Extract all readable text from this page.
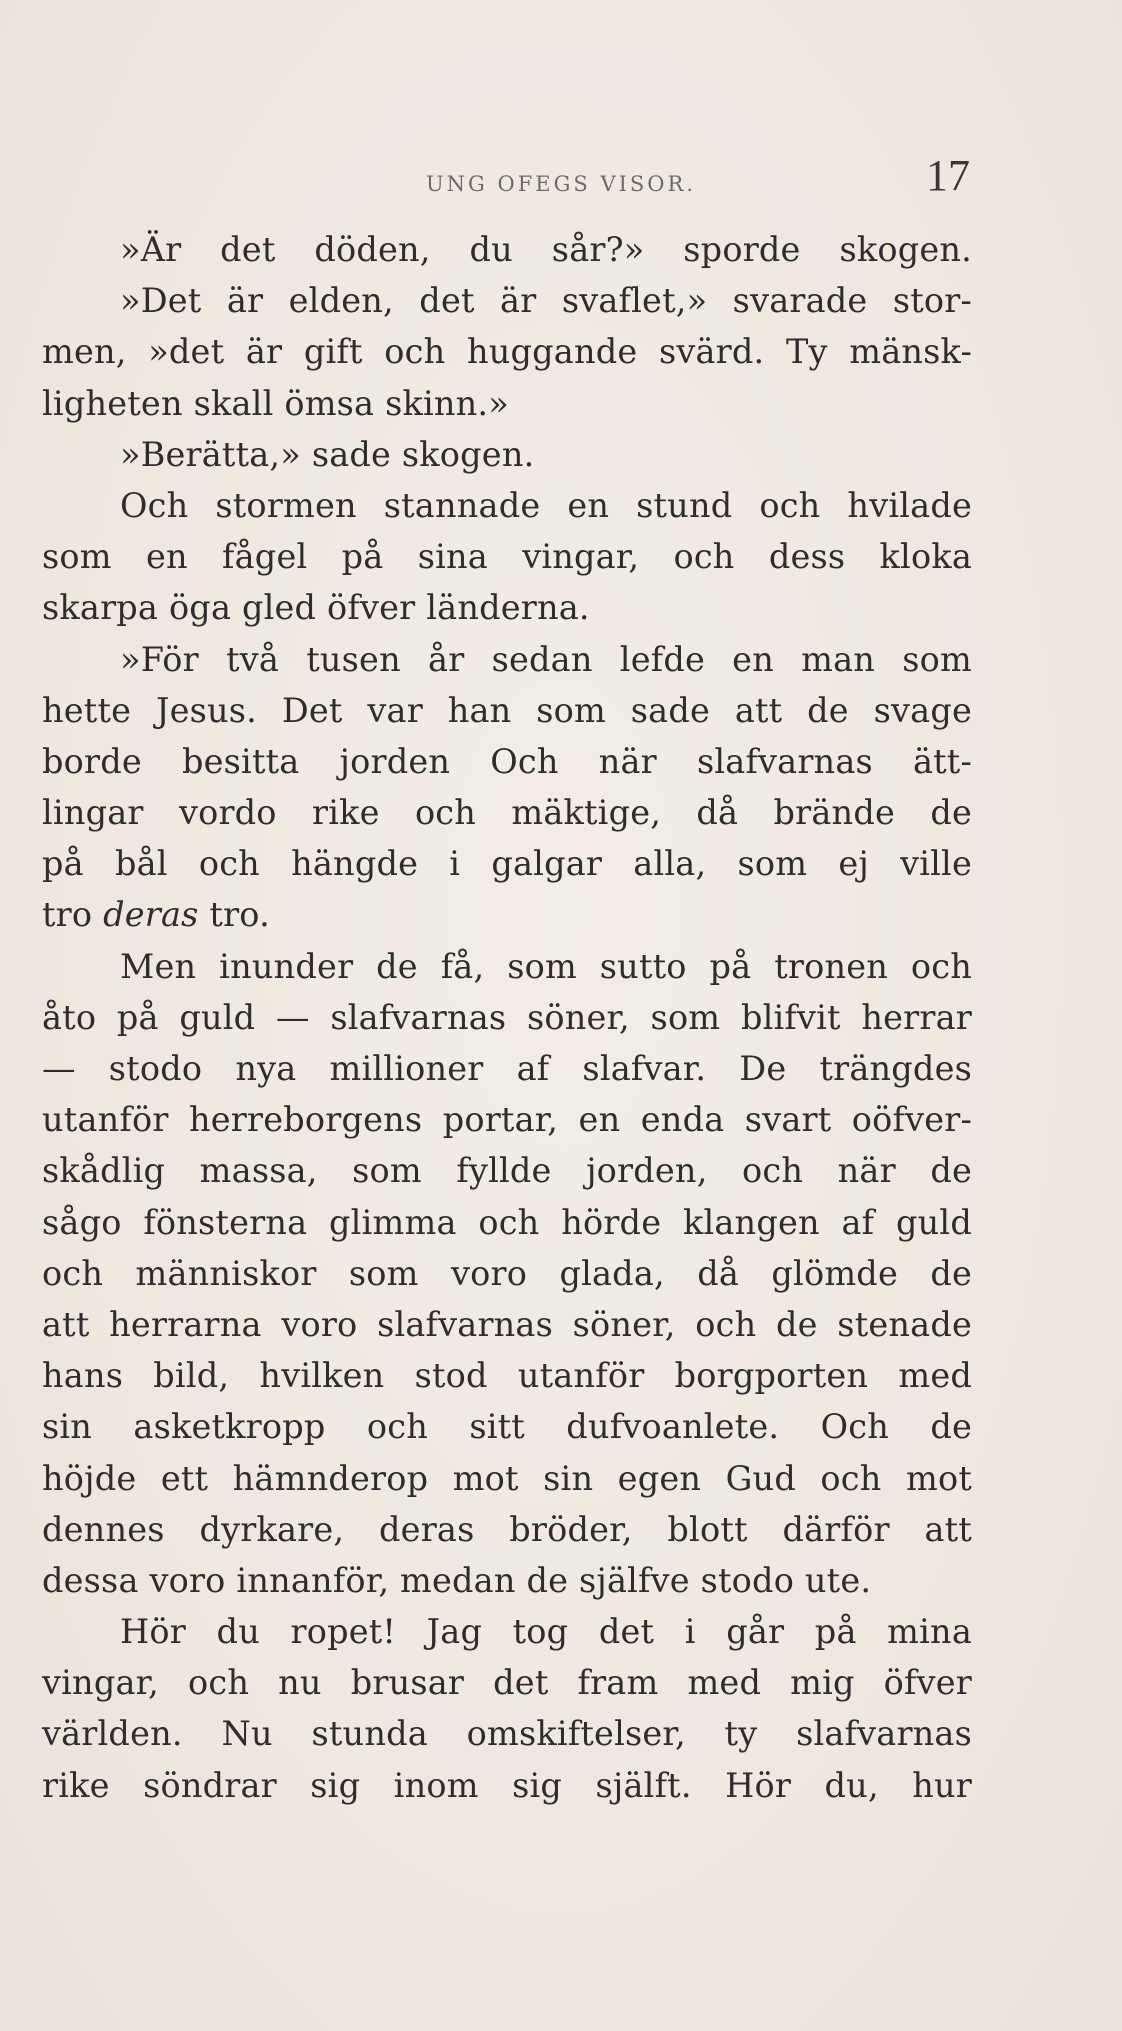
UNG OFEGS VISOR.	17
»Är det döden, du sår?» sporde skogen.
»Det är elden, det är svaflet,» svarade stor-
men, »det är gift och huggande svärd. Ty mänsk-
ligheten skall ömsa skinn.»
»Berätta,» sade skogen.
Och stormen stannade en stund och hvilade
som en fågel på sina vingar, och dess kloka
skarpa öga gled öfver länderna.
»För två tusen år sedan lefde en man som
hette Jesus. Det var han som sade att de svage
borde besitta jorden Och när slafvarnas ätt-
lingar vordo rike och mäktige, då brände de
på bål och hängde i galgar alla, som ej ville
tro deras tro.
Men inunder de få, som sutto på tronen och
åto på guld — slafvarnas söner, som blifvit herrar
— stodo nya millioner af slafvar. De trängdes
utanför herreborgens portar, en enda svart oöfver-
skådlig massa, som fyllde jorden, och när de
sågo fönsterna glimma och hörde klangen af guld
och människor som voro glada, då glömde de
att herrarna voro slafvarnas söner, och de stenade
hans bild, hvilken stod utanför borgporten med
sin asketkropp och sitt dufvoanlete. Och de
höjde ett hämnderop mot sin egen Gud och mot
dennes dyrkare, deras bröder, blott därför att
dessa voro innanför, medan de själfve stodo ute.
Hör du ropet! Jag tog det i går på mina
vingar, och nu brusar det fram med mig öfver
världen. Nu stunda omskiftelser, ty slafvarnas
rike söndrar sig inom sig själft. Hör du, hur
